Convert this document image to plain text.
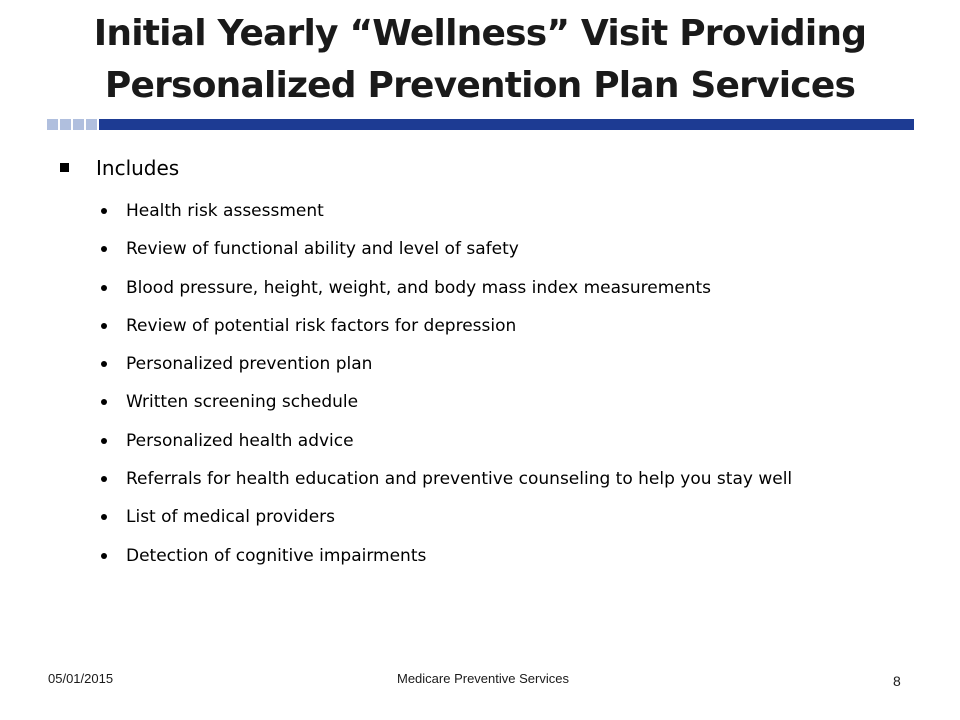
Initial Yearly “Wellness” Visit Providing
Personalized Prevention Plan Services
Includes
Health risk assessment
Review of functional ability and level of safety
Blood pressure, height, weight, and body mass index measurements
Review of potential risk factors for depression
Personalized prevention plan
Written screening schedule
Personalized health advice
Referrals for health education and preventive counseling to help you stay well
List of medical providers
Detection of cognitive impairments
05/01/2015	Medicare Preventive Services	8
